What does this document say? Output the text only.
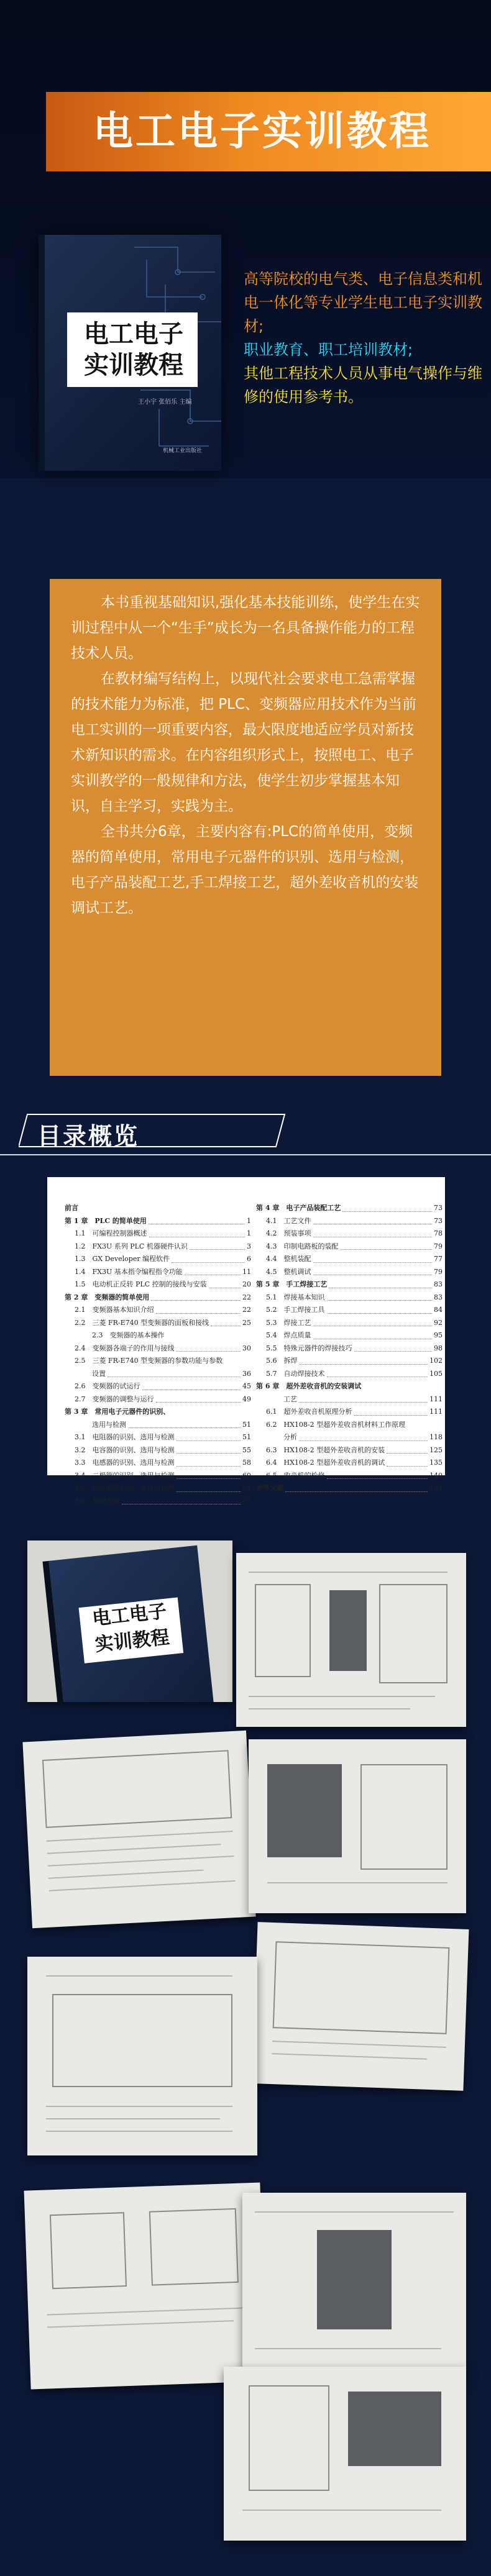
电工电子实训教程
电工电子
实训教程
王小宇 张佰乐 主编
机械工业出版社
高等院校的电气类、电子信息类和机电一体化等专业学生电工电子实训教材;
职业教育、职工培训教材;
其他工程技术人员从事电气操作与维修的使用参考书。

本书重视基础知识,强化基本技能训练，使学生在实训过程中从一个“生手”成长为一名具备操作能力的工程技术人员。

在教材编写结构上，以现代社会要求电工急需掌握的技术能力为标准，把 PLC、变频器应用技术作为当前电工实训的一项重要内容，最大限度地适应学员对新技术新知识的需求。在内容组织形式上，按照电工、电子实训教学的一般规律和方法，使学生初步掌握基本知识，自主学习，实践为主。

全书共分6章，主要内容有:PLC的简单使用，变频器的简单使用，常用电子元器件的识别、选用与检测，电子产品装配工艺,手工焊接工艺，超外差收音机的安装调试工艺。

目录概览
前言
第 1 章　PLC 的简单使用	1
1.1　可编程控制器概述	1
1.2　FX3U 系列 PLC 机器硬件认识	3
1.3　GX Developer 编程软件	6
1.4　FX3U 基本指令编程指令功能	11
1.5　电动机正反转 PLC 控制的接线与安装	20
第 2 章　变频器的简单使用	22
2.1　变频器基本知识介绍	22
2.2　三菱 FR-E740 型变频器的面板和接线	25
2.3　变频器的基本操作
2.4　变频器各端子的作用与接线	30
2.5　三菱 FR-E740 型变频器的参数功能与参数
设置	36
2.6　变频器的试运行	45
2.7　变频器的调整与运行	49
第 3 章　常用电子元器件的识别、
选用与检测	51
3.1　电阻器的识别、选用与检测	51
3.2　电容器的识别、选用与检测	55
3.3　电感器的识别、选用与检测	58
3.4　二极管的识别、选用与检测	60
3.5　晶体管的识别、选用与检测	64
3.6　集成电路	67
第 4 章　电子产品装配工艺	73
4.1　工艺文件	73
4.2　预装事项	78
4.3　印制电路板的装配	79
4.4　整机装配	77
4.5　整机调试	79
第 5 章　手工焊接工艺	83
5.1　焊接基本知识	83
5.2　手工焊接工具	84
5.3　焊接工艺	92
5.4　焊点质量	95
5.5　特殊元器件的焊接技巧	98
5.6　拆焊	102
5.7　自动焊接技术	105
第 6 章　超外差收音机的安装调试
工艺	111
6.1　超外差收音机原理分析	111
6.2　HX108-2 型超外差收音机材料工作原理
分析	118
6.3　HX108-2 型超外差收音机的安装	125
6.4　HX108-2 型超外差收音机的调试	135
6.5　收音机的检修	140
参考文献	144
电工电子
实训教程
